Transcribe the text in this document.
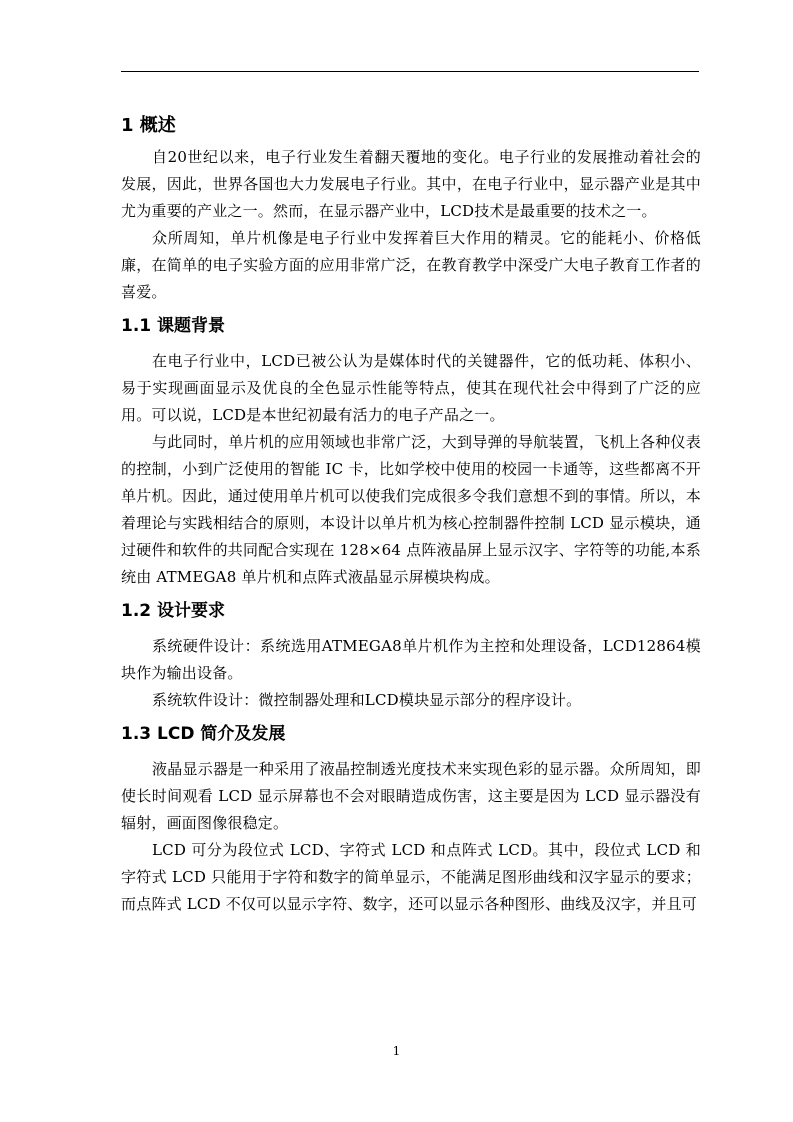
1 概述

自20世纪以来，电子行业发生着翻天覆地的变化。电子行业的发展推动着社会的发展，因此，世界各国也大力发展电子行业。其中，在电子行业中，显示器产业是其中尤为重要的产业之一。然而，在显示器产业中，LCD技术是最重要的技术之一。

众所周知，单片机像是电子行业中发挥着巨大作用的精灵。它的能耗小、价格低廉，在简单的电子实验方面的应用非常广泛，在教育教学中深受广大电子教育工作者的喜爱。

1.1 课题背景

在电子行业中，LCD已被公认为是媒体时代的关键器件，它的低功耗、体积小、易于实现画面显示及优良的全色显示性能等特点，使其在现代社会中得到了广泛的应用。可以说，LCD是本世纪初最有活力的电子产品之一。

与此同时，单片机的应用领域也非常广泛，大到导弹的导航装置，飞机上各种仪表的控制，小到广泛使用的智能 IC 卡，比如学校中使用的校园一卡通等，这些都离不开单片机。因此，通过使用单片机可以使我们完成很多令我们意想不到的事情。所以，本着理论与实践相结合的原则，本设计以单片机为核心控制器件控制 LCD 显示模块，通过硬件和软件的共同配合实现在 128×64 点阵液晶屏上显示汉字、字符等的功能,本系统由 ATMEGA8 单片机和点阵式液晶显示屏模块构成。

1.2 设计要求

系统硬件设计：系统选用ATMEGA8单片机作为主控和处理设备，LCD12864模块作为输出设备。

系统软件设计：微控制器处理和LCD模块显示部分的程序设计。

1.3 LCD 简介及发展

液晶显示器是一种采用了液晶控制透光度技术来实现色彩的显示器。众所周知，即使长时间观看 LCD 显示屏幕也不会对眼睛造成伤害，这主要是因为 LCD 显示器没有辐射，画面图像很稳定。

LCD 可分为段位式 LCD、字符式 LCD 和点阵式 LCD。其中，段位式 LCD 和字符式 LCD 只能用于字符和数字的简单显示，不能满足图形曲线和汉字显示的要求；而点阵式 LCD 不仅可以显示字符、数字，还可以显示各种图形、曲线及汉字，并且可

1
